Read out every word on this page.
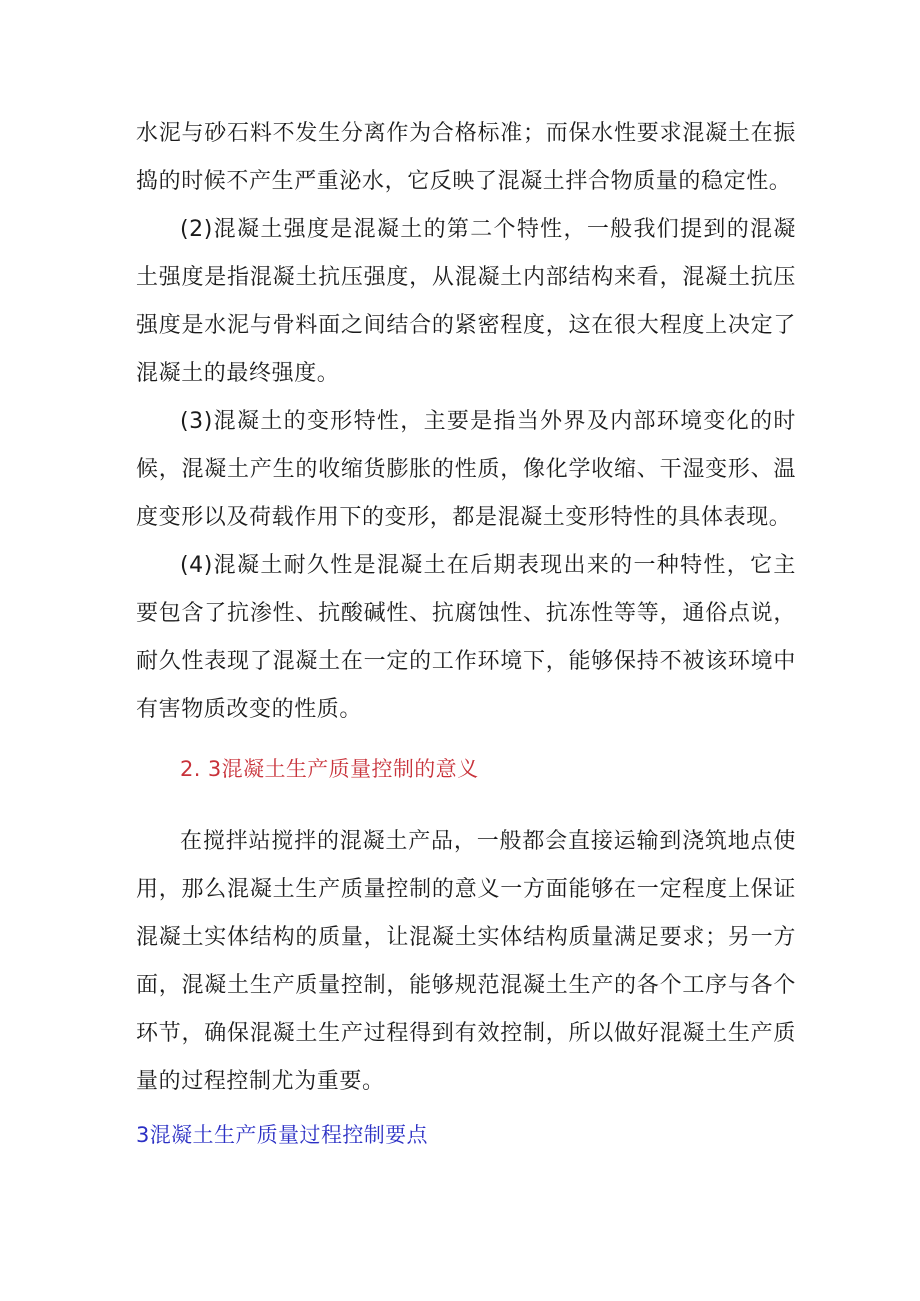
水泥与砂石料不发生分离作为合格标准；而保水性要求混凝土在振捣的时候不产生严重泌水，它反映了混凝土拌合物质量的稳定性。

(2)混凝土强度是混凝土的第二个特性，一般我们提到的混凝土强度是指混凝土抗压强度，从混凝土内部结构来看，混凝土抗压强度是水泥与骨料面之间结合的紧密程度，这在很大程度上决定了混凝土的最终强度。

(3)混凝土的变形特性，主要是指当外界及内部环境变化的时候，混凝土产生的收缩货膨胀的性质，像化学收缩、干湿变形、温度变形以及荷载作用下的变形，都是混凝土变形特性的具体表现。

(4)混凝土耐久性是混凝土在后期表现出来的一种特性，它主要包含了抗渗性、抗酸碱性、抗腐蚀性、抗冻性等等，通俗点说，耐久性表现了混凝土在一定的工作环境下，能够保持不被该环境中有害物质改变的性质。

2. 3混凝土生产质量控制的意义

在搅拌站搅拌的混凝土产品，一般都会直接运输到浇筑地点使用，那么混凝土生产质量控制的意义一方面能够在一定程度上保证混凝土实体结构的质量，让混凝土实体结构质量满足要求；另一方面，混凝土生产质量控制，能够规范混凝土生产的各个工序与各个环节，确保混凝土生产过程得到有效控制，所以做好混凝土生产质量的过程控制尤为重要。

3混凝土生产质量过程控制要点
